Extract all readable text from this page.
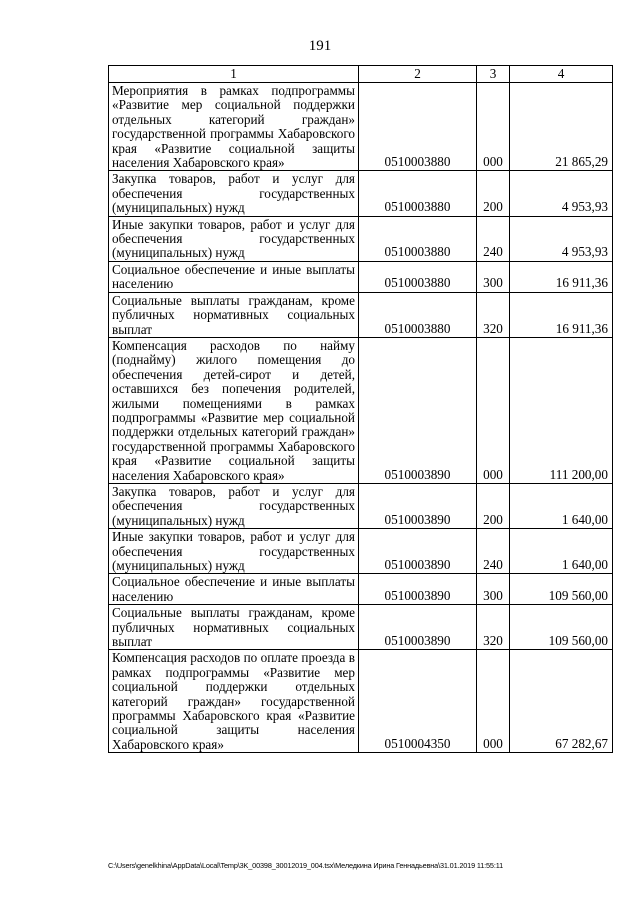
191
1	2	3	4
Мероприятия в рамках подпрограммы «Развитие мер социальной поддержки отдельных категорий граждан» государственной программы Хабаровского края «Развитие социальной защиты населения Хабаровского края»	0510003880	000	21 865,29
Закупка товаров, работ и услуг для обеспечения государственных (муниципальных) нужд	0510003880	200	4 953,93
Иные закупки товаров, работ и услуг для обеспечения государственных (муниципальных) нужд	0510003880	240	4 953,93
Социальное обеспечение и иные выплаты населению	0510003880	300	16 911,36
Социальные выплаты гражданам, кроме публичных нормативных социальных выплат	0510003880	320	16 911,36
Компенсация расходов по найму (поднайму) жилого помещения до обеспечения детей-сирот и детей, оставшихся без попечения родителей, жилыми помещениями в рамках подпрограммы «Развитие мер социальной поддержки отдельных категорий граждан» государственной программы Хабаровского края «Развитие социальной защиты населения Хабаровского края»	0510003890	000	111 200,00
Закупка товаров, работ и услуг для обеспечения государственных (муниципальных) нужд	0510003890	200	1 640,00
Иные закупки товаров, работ и услуг для обеспечения государственных (муниципальных) нужд	0510003890	240	1 640,00
Социальное обеспечение и иные выплаты населению	0510003890	300	109 560,00
Социальные выплаты гражданам, кроме публичных нормативных социальных выплат	0510003890	320	109 560,00
Компенсация расходов по оплате проезда в рамках подпрограммы «Развитие мер социальной поддержки отдельных категорий граждан» государственной программы Хабаровского края «Развитие социальной защиты населения Хабаровского края»	0510004350	000	67 282,67
C:\Users\genelkhina\AppData\Local\Temp\3K_00398_30012019_004.tsx\Меледкина Ирина Геннадьевна\31.01.2019 11:55:11
